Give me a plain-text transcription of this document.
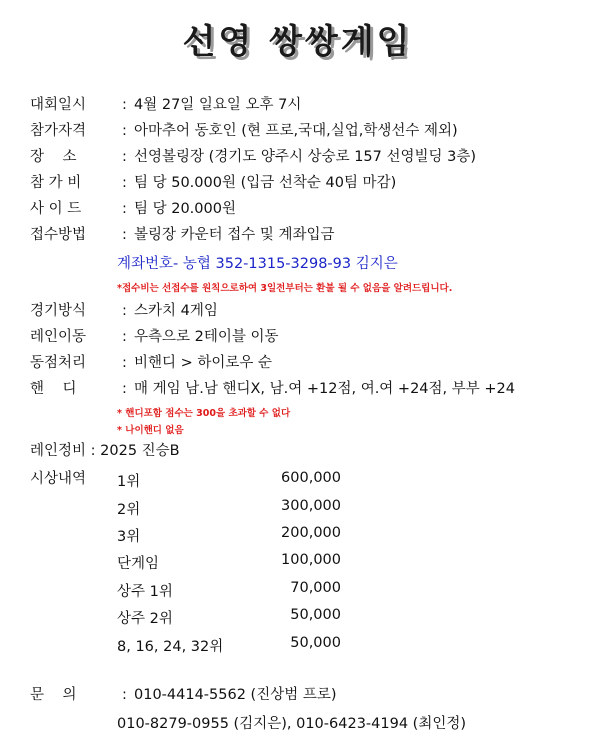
선영 쌍쌍게임
대회일시 : 4월 27일 일요일 오후 7시
참가자격 : 아마추어 동호인 (현 프로,국대,실업,학생선수 제외)
장    소	: 선영볼링장 (경기도 양주시 상숭로 157 선영빌딩 3층)
참 가 비	: 팀 당 50.000원 (입금 선착순 40팀 마감)
사 이 드	: 팀 당 20.000원
접수방법 : 볼링장 카운터 접수 및 계좌입금
계좌번호- 농협 352-1315-3298-93 김지은
*접수비는 선접수를 원칙으로하여 3일전부터는 환불 될 수 없음을 알려드립니다.
경기방식 : 스카치 4게임
레인이동 : 우측으로 2테이블 이동
동점처리 : 비핸디 > 하이로우 순
핸    디	: 매 게임 남.남 핸디X, 남.여 +12점, 여.여 +24점, 부부 +24
* 핸디포함 점수는 300을 초과할 수 없다
* 나이핸디 없음
레인정비 : 2025 진승B
시상내역 1위	600,000
2위	300,000
3위	200,000
단게임	100,000
상주 1위	70,000
상주 2위	50,000
8, 16, 24, 32위	50,000
문    의	: 010-4414-5562 (진상범 프로)
010-8279-0955 (김지은), 010-6423-4194 (최인정)
